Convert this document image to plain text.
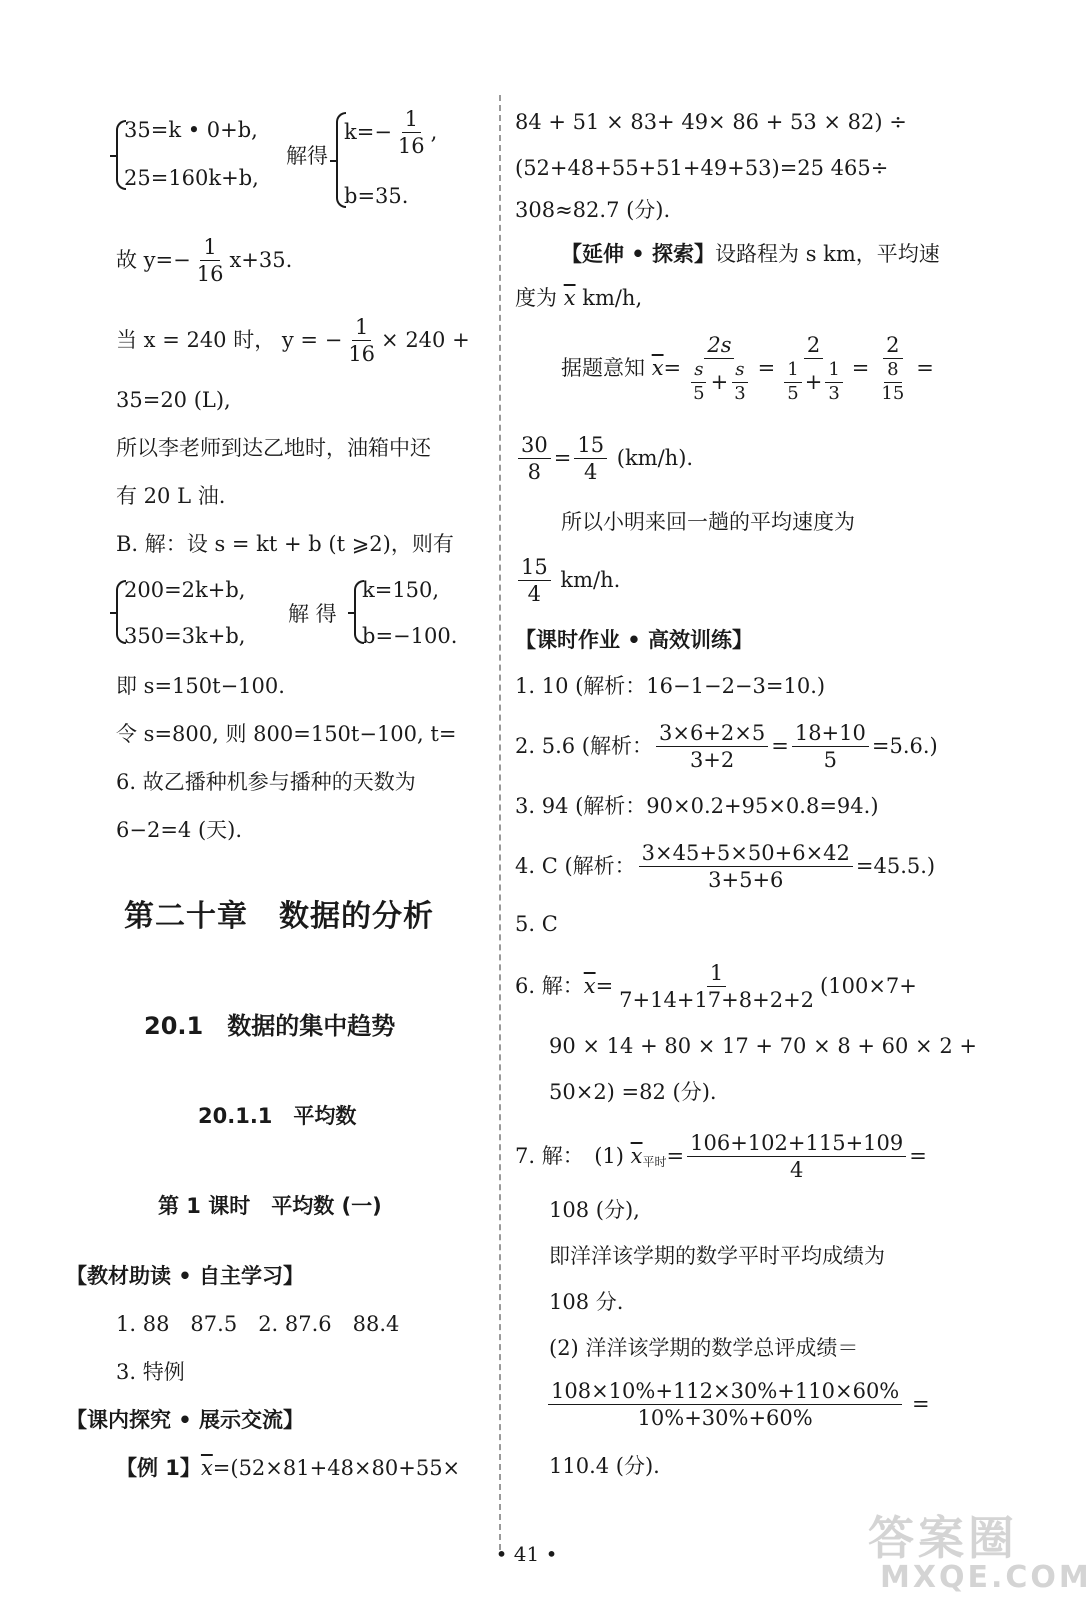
35=k • 0+b,
25=160k+b,
解得
$k=- \frac{1}{16}$ ,
b=35.
故 $y=- \frac{1}{16} x+35$.
当 x = 240 时， y = − $\frac{1}{16} \times 240$ +
35=20 (L),
所以李老师到达乙地时，油箱中还
有 20 L 油.
B. 解：设 s = kt + b (t ⩾2)，则有
200=2k+b,
350=3k+b,
解 得
k=150,
b=−100.
即 s=150t−100.
令 s=800, 则 800=150t−100, t=
6. 故乙播种机参与播种的天数为
6−2=4 (天).
第二十章　数据的分析
20.1　数据的集中趋势
20.1.1　平均数
第 1 课时　平均数 (一)
【教材助读 • 自主学习】
1. 88　87.5　2. 87.6　88.4
3. 特例
【课内探究 • 展示交流】
【例 1】 $\overline{x} =(52\times 81+48\times 80+55\times$
84 + 51 × 83+ 49× 86 + 53 × 82) ÷
(52+48+55+51+49+53)=25 465÷
308≈82.7 (分).
【延伸 • 探索】 设路程为 s km，平均速
度为
$\overline{x}$
km/h,
据题意知
$\overline{x} = \frac{2s}{\frac{s}{5} + \frac{s}{3}} = \frac{2}{\frac{1}{5} + \frac{1}{3}} = \frac{2}{\frac{8}{15}}$ =
$\frac{30}{8} = \frac{15}{4}$
(km/h).
所以小明来回一趟的平均速度为
$\frac{15}{4}$
km/h.
【课时作业 • 高效训练】
1. 10 (解析：16−1−2−3=10.)
2. 5.6 (解析： $\frac{3\times 6+2\times 5}{3+2} = \frac{18+10}{5} =5.6$.)
3. 94 (解析：90×0.2+95×0.8=94.)
4. C (解析： $\frac{3\times 45+5\times 50+6\times 42}{3+5+6} =45.5$.)
5. C
6. 解： $\overline{x} = \frac{1}{7+14+17+8+2+2} (100\times 7+$
90 × 14 + 80 × 17 + 70 × 8 + 60 × 2 +
50×2) =82 (分).
7. 解：　(1)
$\overline{x}$ 平时 = $\frac{106+102+115+109}{4}$ =
108 (分),
即洋洋该学期的数学平时平均成绩为
108 分.
(2) 洋洋该学期的数学总评成绩＝
$\frac{108\times 10\%+112\times 30\%+110\times 60\%}{10\%+30\%+60\%}$ =
110.4 (分).
• 41 •	答案圈
MXQE.COM
